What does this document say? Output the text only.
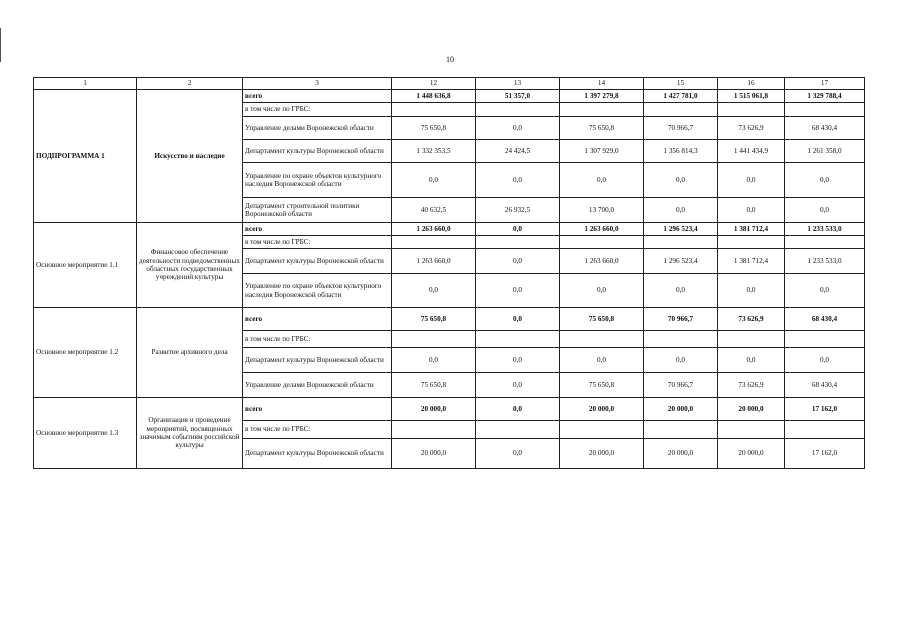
10
1	2	3	12	13	14	15	16	17
ПОДПРОГРАММА 1	Искусство и наследие	всего	1 448 636,8	51 357,0	1 397 279,8	1 427 781,0	1 515 061,8	1 329 788,4
		в том числе по ГРБС:						
		Управление делами Воронежской области	75 650,8	0,0	75 650,8	70 966,7	73 626,9	68 430,4
		Департамент культуры Воронежской области	1 332 353,5	24 424,5	1 307 929,0	1 356 814,3	1 441 434,9	1 261 358,0
		Управление по охране объектов культурного наследия Воронежской области	0,0	0,0	0,0	0,0	0,0	0,0
		Департамент строительной политики Воронежской области	40 632,5	26 932,5	13 700,0	0,0	0,0	0,0
Основное мероприятие 1.1	Финансовое обеспечение деятельности подведомственных областных государственных учреждений культуры	всего	1 263 660,0	0,0	1 263 660,0	1 296 523,4	1 381 712,4	1 233 533,0
		в том числе по ГРБС:						
		Департамент культуры Воронежской области	1 263 660,0	0,0	1 263 660,0	1 296 523,4	1 381 712,4	1 233 533,0
		Управление по охране объектов культурного наследия Воронежской области	0,0	0,0	0,0	0,0	0,0	0,0
Основное мероприятие 1.2	Развитие архивного дела	всего	75 650,8	0,0	75 650,8	70 966,7	73 626,9	68 430,4
		в том числе по ГРБС:						
		Департамент культуры Воронежской области	0,0	0,0	0,0	0,0	0,0	0,0
		Управление делами Воронежской области	75 650,8	0,0	75 650,8	70 966,7	73 626,9	68 430,4
Основное мероприятие 1.3	Организация и проведение мероприятий, посвященных значимым событиям российской культуры	всего	20 000,0	0,0	20 000,0	20 000,0	20 000,0	17 162,0
		в том числе по ГРБС:						
		Департамент культуры Воронежской области	20 000,0	0,0	20 000,0	20 000,0	20 000,0	17 162,0
